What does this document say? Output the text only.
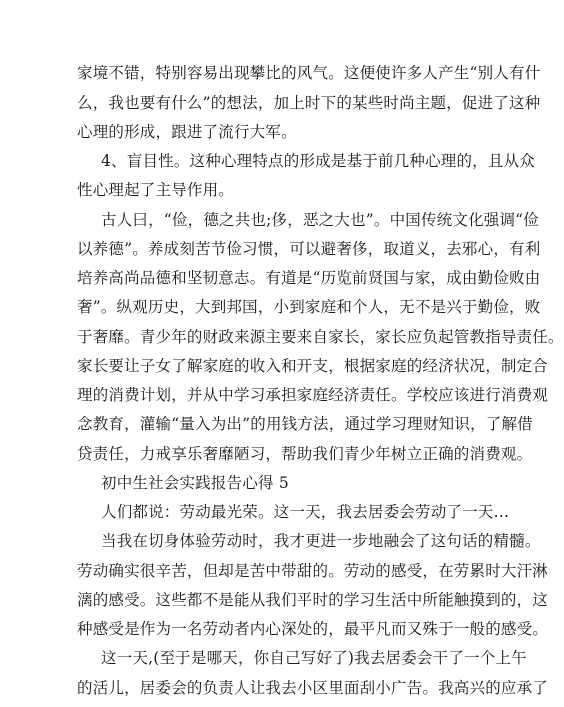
家境不错，特别容易出现攀比的风气。这便使许多人产生“别人有什
么，我也要有什么”的想法，加上时下的某些时尚主题，促进了这种
心理的形成，跟进了流行大军。
4、盲目性。这种心理特点的形成是基于前几种心理的，且从众
性心理起了主导作用。
古人曰，“俭，德之共也;侈，恶之大也”。中国传统文化强调“俭
以养德”。养成刻苦节俭习惯，可以避奢侈，取道义，去邪心，有利
培养高尚品德和坚韧意志。有道是“历览前贤国与家，成由勤俭败由
奢”。纵观历史，大到邦国，小到家庭和个人，无不是兴于勤俭，败
于奢靡。青少年的财政来源主要来自家长，家长应负起管教指导责任。
家长要让子女了解家庭的收入和开支，根据家庭的经济状况，制定合
理的消费计划，并从中学习承担家庭经济责任。学校应该进行消费观
念教育，灌输“量入为出”的用钱方法，通过学习理财知识，了解借
贷责任，力戒享乐奢靡陋习，帮助我们青少年树立正确的消费观。
初中生社会实践报告心得 5
人们都说：劳动最光荣。这一天，我去居委会劳动了一天…
当我在切身体验劳动时，我才更进一步地融会了这句话的精髓。
劳动确实很辛苦，但却是苦中带甜的。劳动的感受，在劳累时大汗淋
漓的感受。这些都不是能从我们平时的学习生活中所能触摸到的，这
种感受是作为一名劳动者内心深处的，最平凡而又殊于一般的感受。
这一天,(至于是哪天，你自己写好了)我去居委会干了一个上午
的活儿，居委会的负责人让我去小区里面刮小广告。我高兴的应承了
